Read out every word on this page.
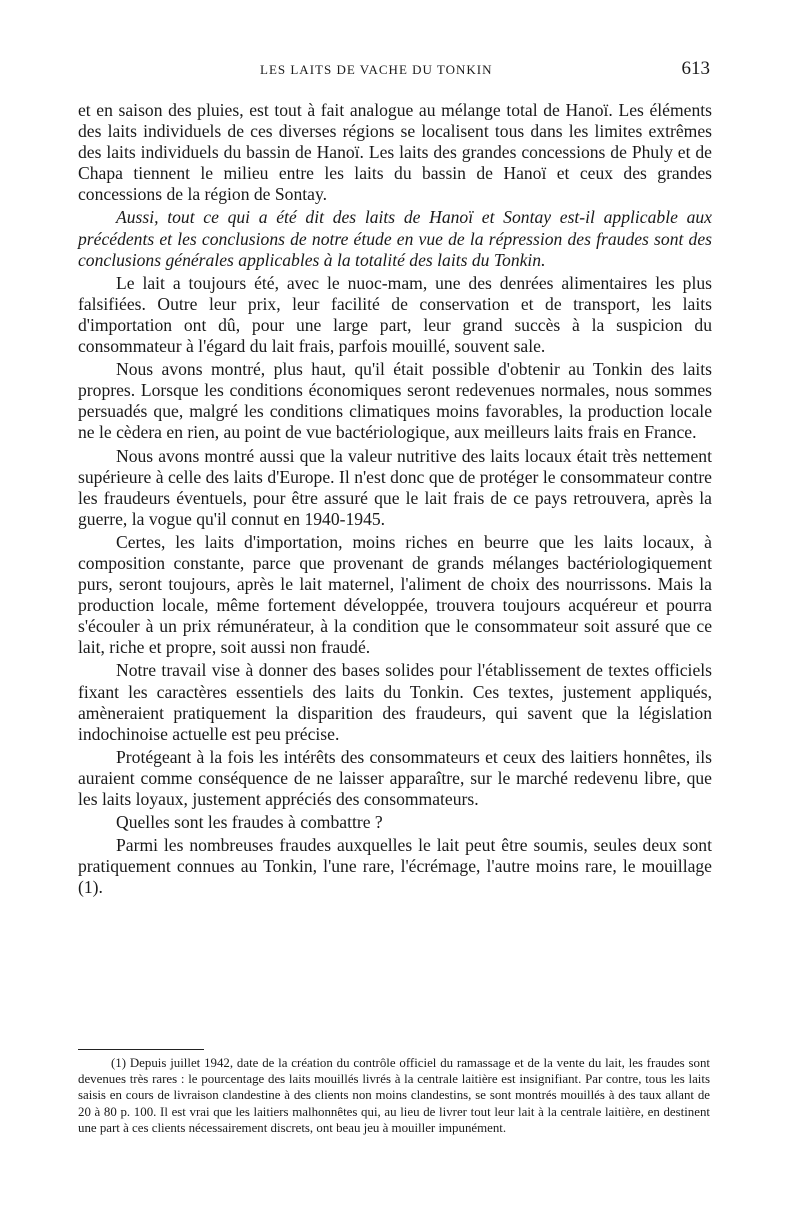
LES LAITS DE VACHE DU TONKIN	613

et en saison des pluies, est tout à fait analogue au mélange total de Hanoï. Les éléments des laits individuels de ces diverses régions se localisent tous dans les limites extrêmes des laits individuels du bassin de Hanoï. Les laits des grandes concessions de Phuly et de Chapa tiennent le milieu entre les laits du bassin de Hanoï et ceux des grandes concessions de la région de Sontay.

Aussi, tout ce qui a été dit des laits de Hanoï et Sontay est-il applicable aux précédents et les conclusions de notre étude en vue de la répression des fraudes sont des conclusions générales applicables à la totalité des laits du Tonkin.

Le lait a toujours été, avec le nuoc-mam, une des denrées alimentaires les plus falsifiées. Outre leur prix, leur facilité de conservation et de transport, les laits d'importation ont dû, pour une large part, leur grand succès à la suspicion du consommateur à l'égard du lait frais, parfois mouillé, souvent sale.

Nous avons montré, plus haut, qu'il était possible d'obtenir au Tonkin des laits propres. Lorsque les conditions économiques seront redevenues normales, nous sommes persuadés que, malgré les conditions climatiques moins favorables, la production locale ne le cèdera en rien, au point de vue bactériologique, aux meilleurs laits frais en France.

Nous avons montré aussi que la valeur nutritive des laits locaux était très nettement supérieure à celle des laits d'Europe. Il n'est donc que de protéger le consommateur contre les fraudeurs éventuels, pour être assuré que le lait frais de ce pays retrouvera, après la guerre, la vogue qu'il connut en 1940-1945.

Certes, les laits d'importation, moins riches en beurre que les laits locaux, à composition constante, parce que provenant de grands mélanges bactériologiquement purs, seront toujours, après le lait maternel, l'aliment de choix des nourrissons. Mais la production locale, même fortement développée, trouvera toujours acquéreur et pourra s'écouler à un prix rémunérateur, à la condition que le consommateur soit assuré que ce lait, riche et propre, soit aussi non fraudé.

Notre travail vise à donner des bases solides pour l'établissement de textes officiels fixant les caractères essentiels des laits du Tonkin. Ces textes, justement appliqués, amèneraient pratiquement la disparition des fraudeurs, qui savent que la législation indochinoise actuelle est peu précise.

Protégeant à la fois les intérêts des consommateurs et ceux des laitiers honnêtes, ils auraient comme conséquence de ne laisser apparaître, sur le marché redevenu libre, que les laits loyaux, justement appréciés des consommateurs.

Quelles sont les fraudes à combattre ?

Parmi les nombreuses fraudes auxquelles le lait peut être soumis, seules deux sont pratiquement connues au Tonkin, l'une rare, l'écrémage, l'autre moins rare, le mouillage (1).

(1) Depuis juillet 1942, date de la création du contrôle officiel du ramassage et de la vente du lait, les fraudes sont devenues très rares : le pourcentage des laits mouillés livrés à la centrale laitière est insignifiant. Par contre, tous les laits saisis en cours de livraison clandestine à des clients non moins clandestins, se sont montrés mouillés à des taux allant de 20 à 80 p. 100. Il est vrai que les laitiers malhonnêtes qui, au lieu de livrer tout leur lait à la centrale laitière, en destinent une part à ces clients nécessairement discrets, ont beau jeu à mouiller impunément.
